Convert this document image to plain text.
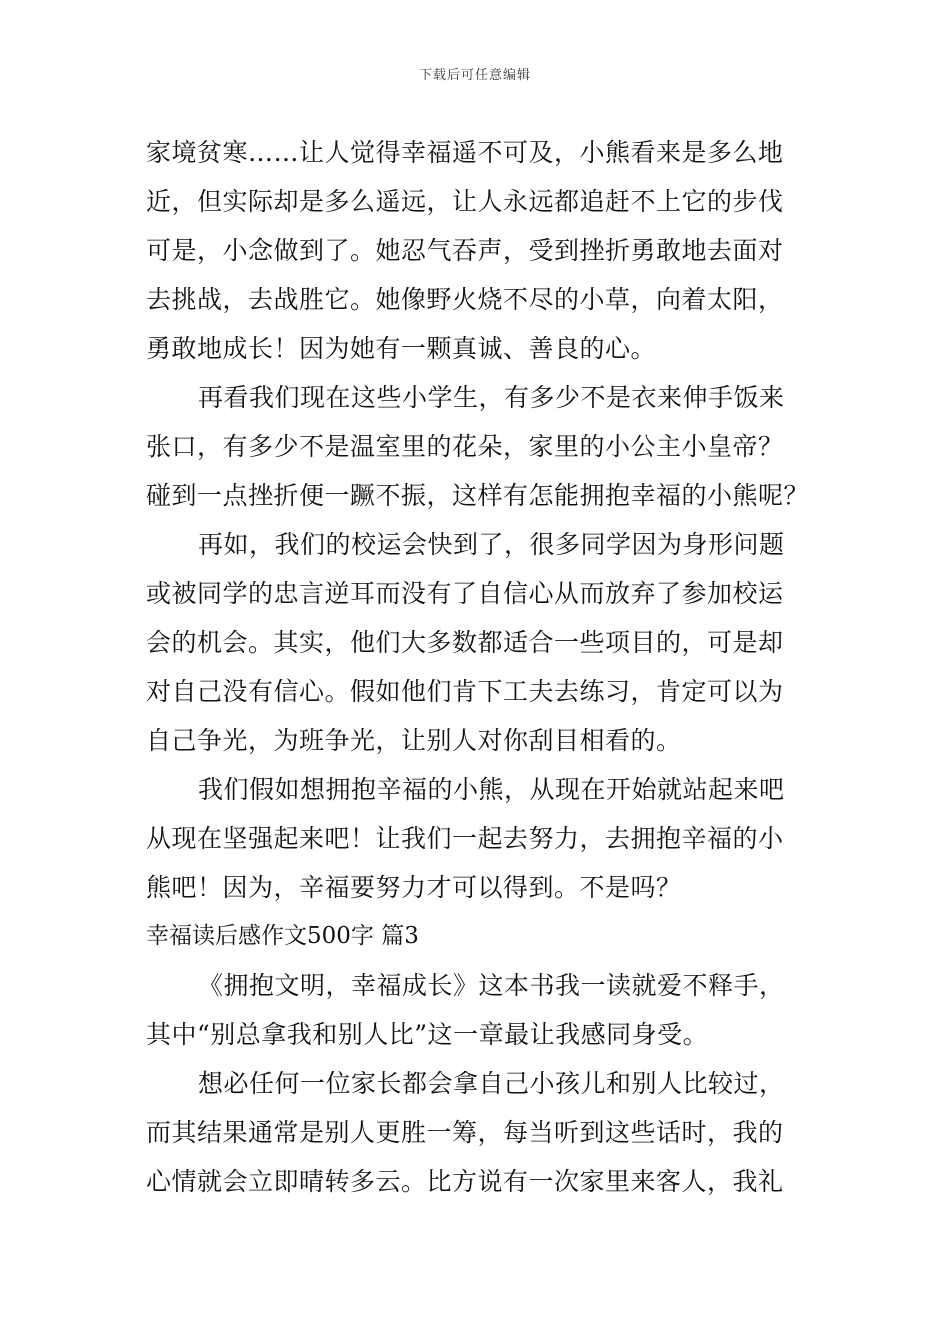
下载后可任意编辑
家境贫寒……让人觉得幸福遥不可及，小熊看来是多么地
近，但实际却是多么遥远，让人永远都追赶不上它的步伐
可是，小念做到了。她忍气吞声，受到挫折勇敢地去面对
去挑战，去战胜它。她像野火烧不尽的小草，向着太阳，
勇敢地成长！因为她有一颗真诚、善良的心。
再看我们现在这些小学生，有多少不是衣来伸手饭来
张口，有多少不是温室里的花朵，家里的小公主小皇帝？
碰到一点挫折便一蹶不振，这样有怎能拥抱幸福的小熊呢？
再如，我们的校运会快到了，很多同学因为身形问题
或被同学的忠言逆耳而没有了自信心从而放弃了参加校运
会的机会。其实，他们大多数都适合一些项目的，可是却
对自己没有信心。假如他们肯下工夫去练习，肯定可以为
自己争光，为班争光，让别人对你刮目相看的。
我们假如想拥抱辛福的小熊，从现在开始就站起来吧
从现在坚强起来吧！让我们一起去努力，去拥抱辛福的小
熊吧！因为，辛福要努力才可以得到。不是吗？
幸福读后感作文500字 篇3
《拥抱文明，幸福成长》这本书我一读就爱不释手，
其中“别总拿我和别人比”这一章最让我感同身受。
想必任何一位家长都会拿自己小孩儿和别人比较过，
而其结果通常是别人更胜一筹，每当听到这些话时，我的
心情就会立即晴转多云。比方说有一次家里来客人，我礼
